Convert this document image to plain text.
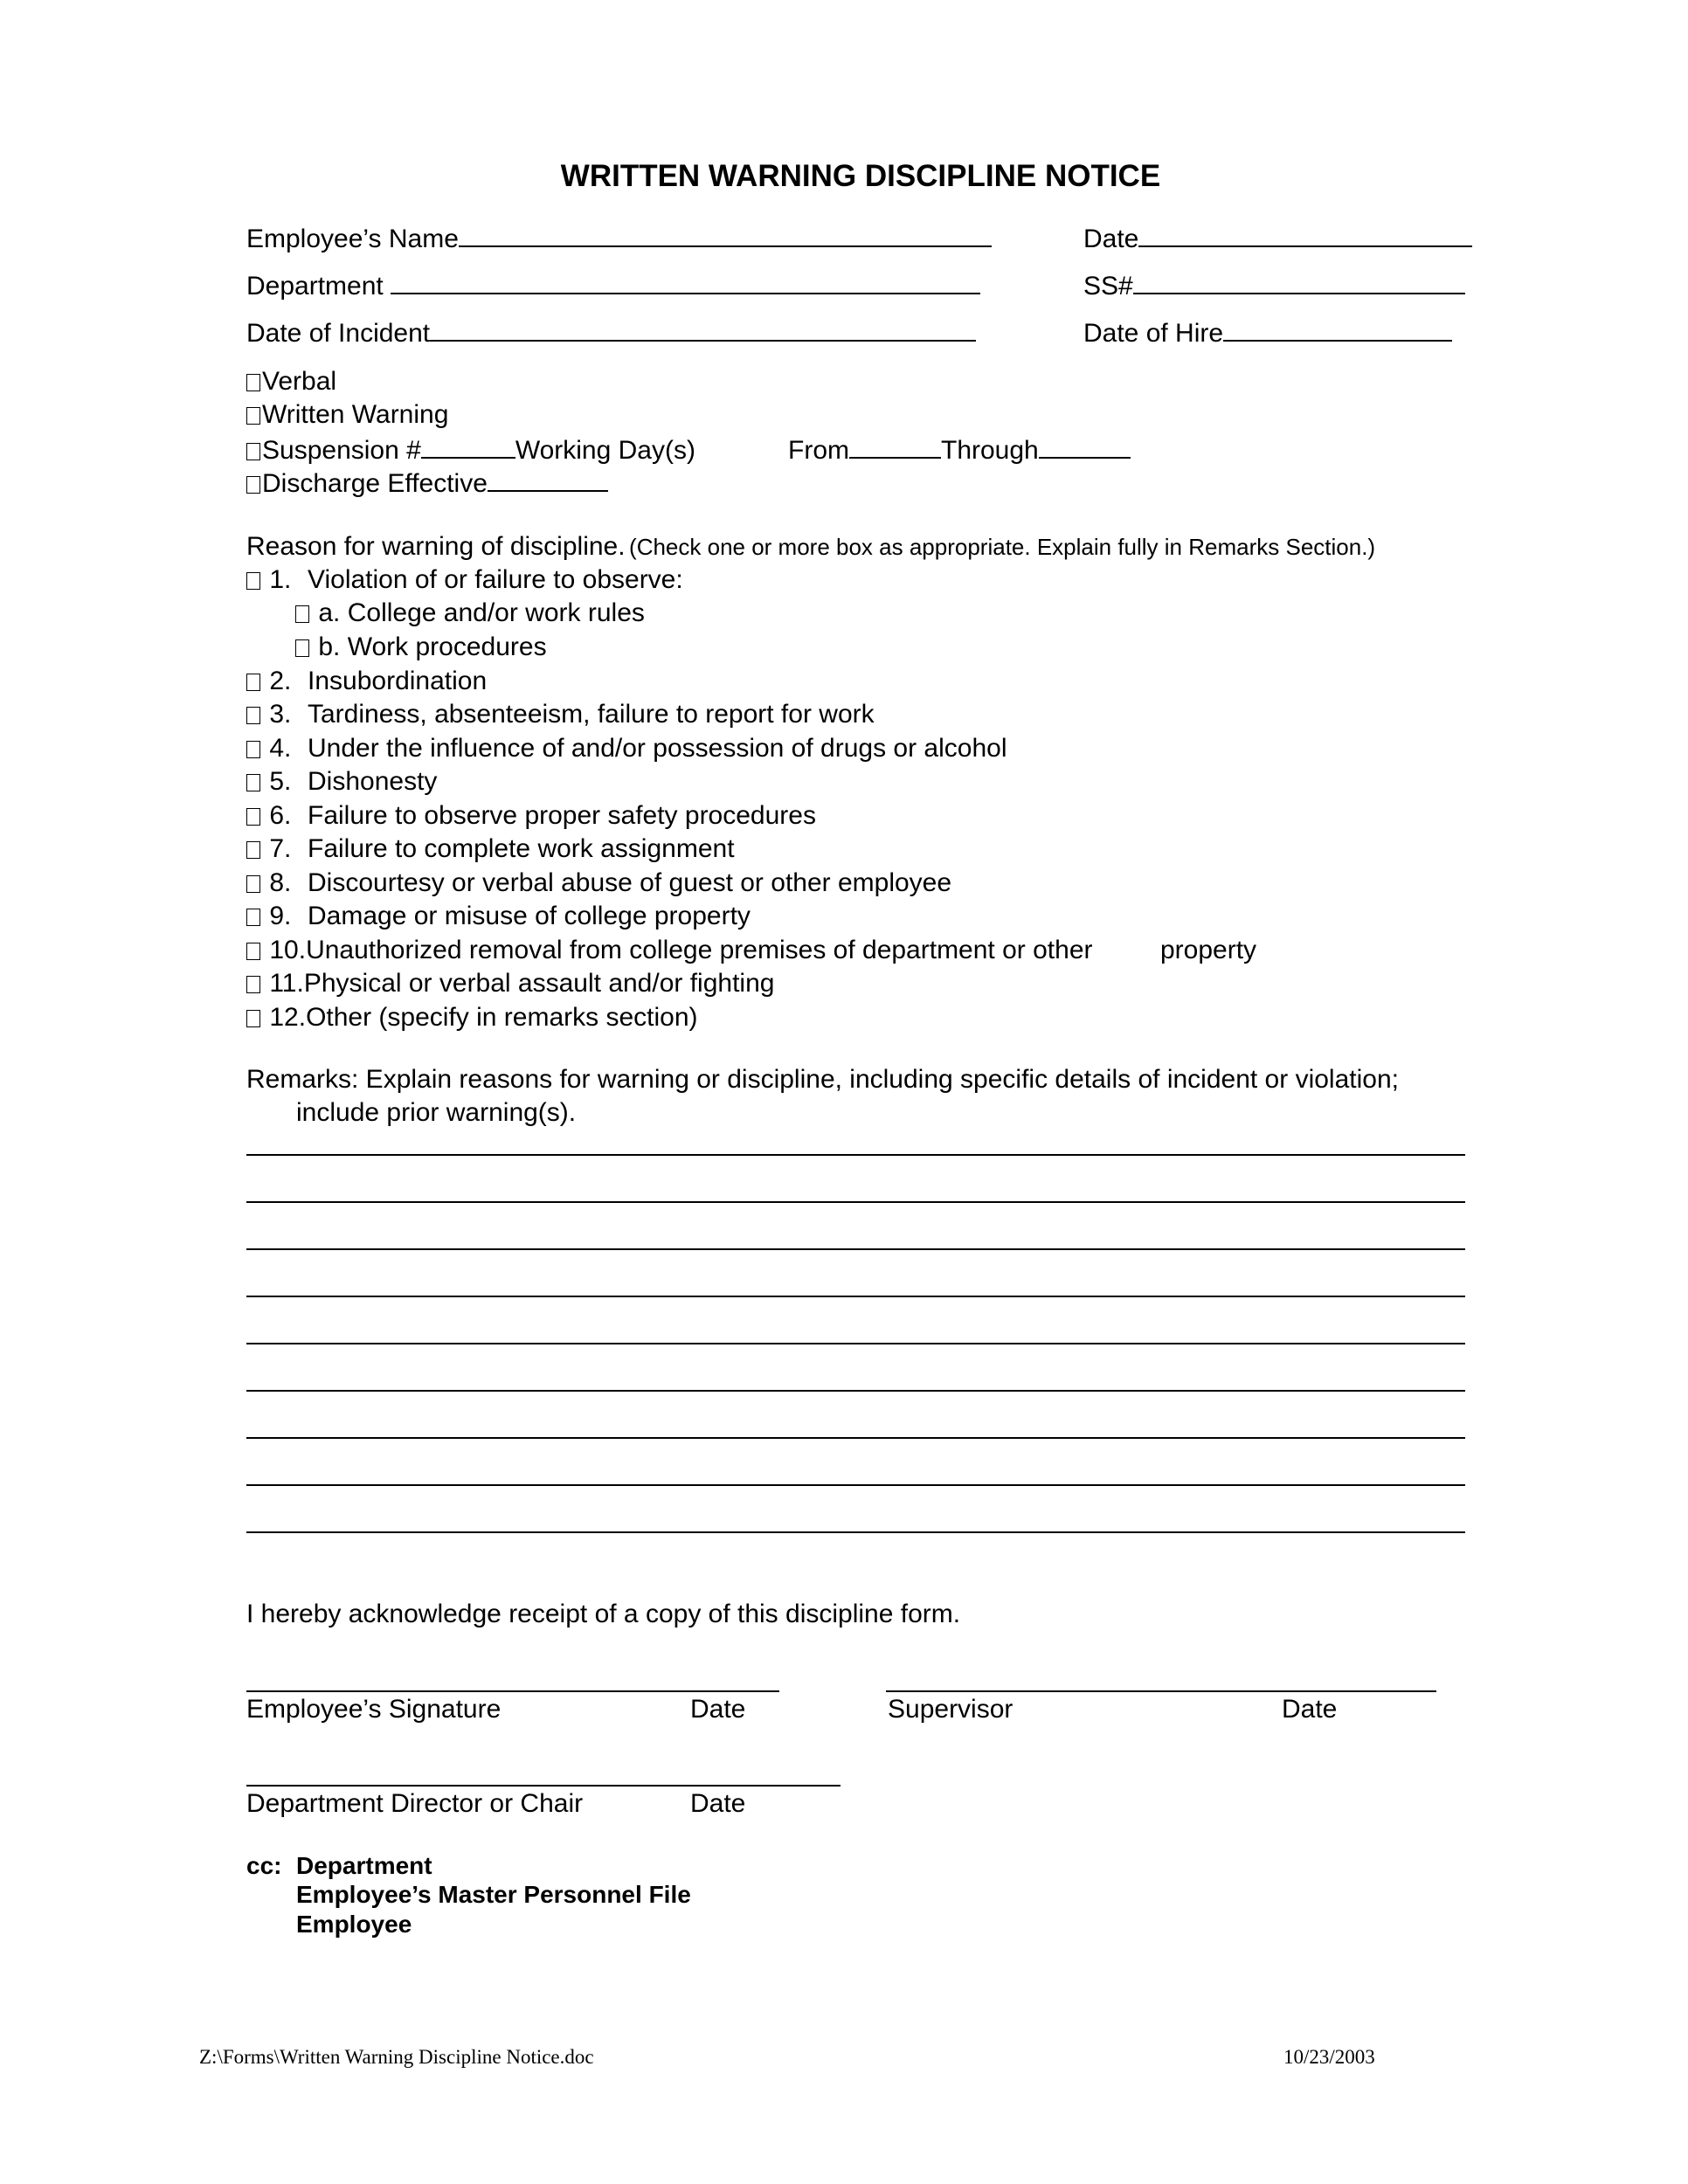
WRITTEN WARNING DISCIPLINE NOTICE
Employee’s Name	Date
Department	SS#
Date of Incident	Date of Hire
Verbal
Written Warning
Suspension #	Working Day(s)	From	Through
Discharge Effective
Reason for warning of discipline. (Check one or more box as appropriate. Explain fully in Remarks Section.)
1. Violation of or failure to observe:
a. College and/or work rules
b. Work procedures
2. Insubordination
3. Tardiness, absenteeism, failure to report for work
4. Under the influence of and/or possession of drugs or alcohol
5. Dishonesty
6. Failure to observe proper safety procedures
7. Failure to complete work assignment
8. Discourtesy or verbal abuse of guest or other employee
9. Damage or misuse of college property
10.Unauthorized removal from college premises of department or other	property
11.Physical or verbal assault and/or fighting
12.Other (specify in remarks section)
Remarks: Explain reasons for warning or discipline, including specific details of incident or violation;
include prior warning(s).
I hereby acknowledge receipt of a copy of this discipline form.
Employee’s Signature	Date	Supervisor	Date
Department Director or Chair	Date
cc: Department
Employee’s Master Personnel File
Employee
Z:\Forms\Written Warning Discipline Notice.doc	10/23/2003
